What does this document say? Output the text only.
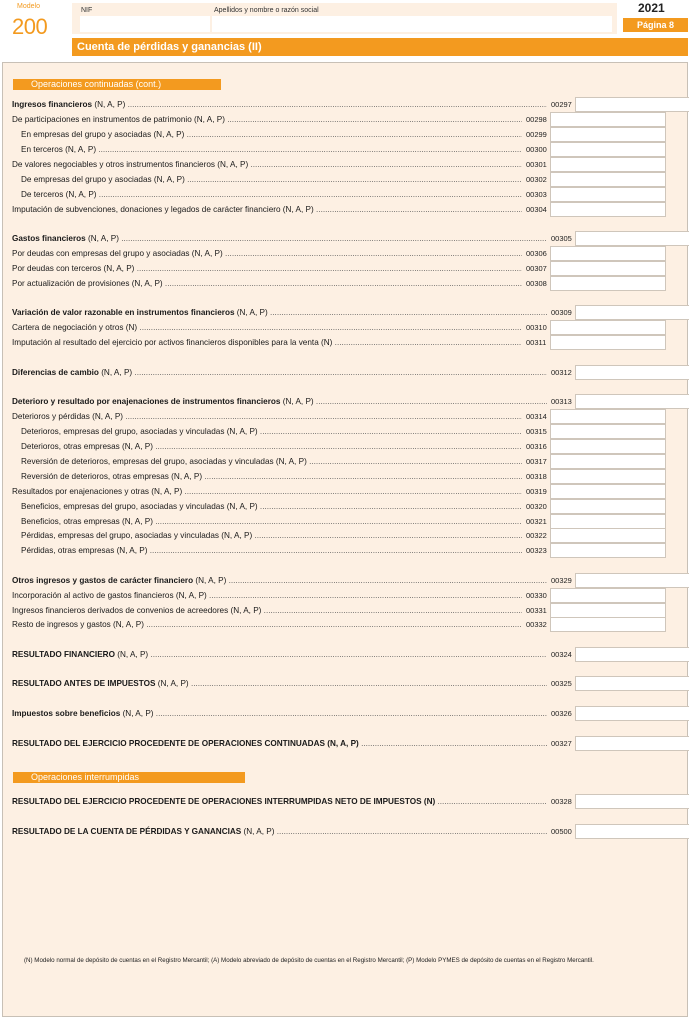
Modelo
200
NIF	Apellidos y nombre o razón social	2021
Página 8
Cuenta de pérdidas y ganancias (II)
Operaciones continuadas (cont.)
Operaciones interrumpidas
Ingresos financieros (N, A, P) .....	00297
De participaciones en instrumentos de patrimonio (N, A, P) .....	00298
En empresas del grupo y asociadas (N, A, P) .....	00299
En terceros (N, A, P) .....	00300
De valores negociables y otros instrumentos financieros (N, A, P) .....	00301
De empresas del grupo y asociadas (N, A, P) .....	00302
De terceros (N, A, P) .....	00303
Imputación de subvenciones, donaciones y legados de carácter financiero (N, A, P) .....	00304
Gastos financieros (N, A, P) .....	00305
Por deudas con empresas del grupo y asociadas (N, A, P) .....	00306
Por deudas con terceros (N, A, P) .....	00307
Por actualización de provisiones (N, A, P) .....	00308
Variación de valor razonable en instrumentos financieros (N, A, P) .....	00309
Cartera de negociación y otros (N) .....	00310
Imputación al resultado del ejercicio por activos financieros disponibles para la venta (N) .....	00311
Diferencias de cambio (N, A, P) .....	00312
Deterioro y resultado por enajenaciones de instrumentos financieros (N, A, P) .....	00313
Deterioros y pérdidas (N, A, P) .....	00314
Deterioros, empresas del grupo, asociadas y vinculadas (N, A, P) .....	00315
Deterioros, otras empresas (N, A, P) .....	00316
Reversión de deterioros, empresas del grupo, asociadas y vinculadas (N, A, P) .....	00317
Reversión de deterioros, otras empresas (N, A, P) .....	00318
Resultados por enajenaciones y otras (N, A, P) .....	00319
Beneficios, empresas del grupo, asociadas y vinculadas (N, A, P) .....	00320
Beneficios, otras empresas (N, A, P) .....	00321
Pérdidas, empresas del grupo, asociadas y vinculadas (N, A, P) .....	00322
Pérdidas, otras empresas (N, A, P) .....	00323
Otros ingresos y gastos de carácter financiero (N, A, P) .....	00329
Incorporación al activo de gastos financieros (N, A, P) .....	00330
Ingresos financieros derivados de convenios de acreedores (N, A, P) .....	00331
Resto de ingresos y gastos (N, A, P) .....	00332
RESULTADO FINANCIERO (N, A, P) .....	00324
RESULTADO ANTES DE IMPUESTOS (N, A, P) .....	00325
Impuestos sobre beneficios (N, A, P) .....	00326
RESULTADO DEL EJERCICIO PROCEDENTE DE OPERACIONES CONTINUADAS (N, A, P) .....	00327
RESULTADO DEL EJERCICIO PROCEDENTE DE OPERACIONES INTERRUMPIDAS NETO DE IMPUESTOS (N) .....	00328
RESULTADO DE LA CUENTA DE PÉRDIDAS Y GANANCIAS (N, A, P) .....	00500
(N) Modelo normal de depósito de cuentas en el Registro Mercantil; (A) Modelo abreviado de depósito de cuentas en el Registro Mercantil; (P) Modelo PYMES de depósito de cuentas en el Registro Mercantil.
